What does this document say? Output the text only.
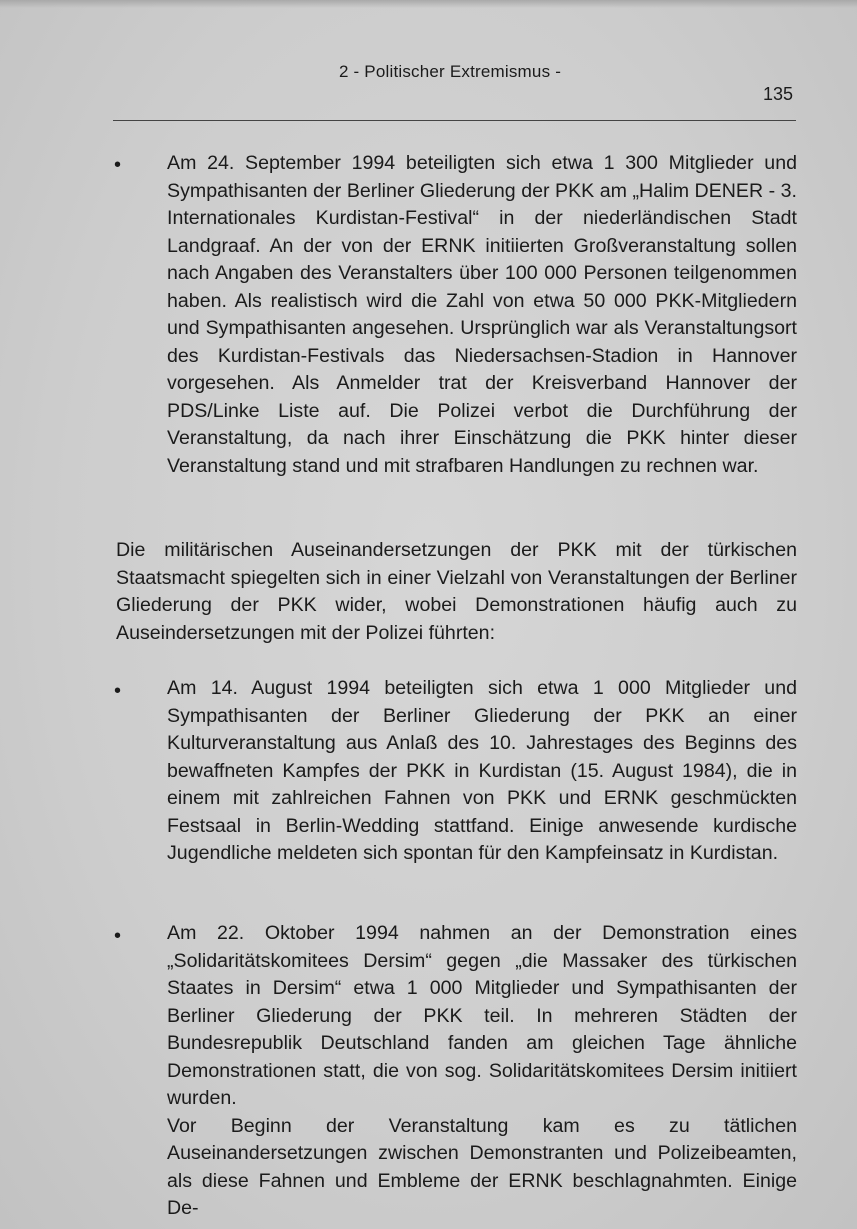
2 - Politischer Extremismus -
135
• Am 24. September 1994 beteiligten sich etwa 1 300 Mitglieder und Sympathisanten der Berliner Gliederung der PKK am „Halim DENER - 3. Internationales Kurdistan-Festival“ in der niederländischen Stadt Landgraaf. An der von der ERNK initiierten Großveranstaltung sollen nach Angaben des Veranstalters über 100 000 Personen teilgenommen haben. Als realistisch wird die Zahl von etwa 50 000 PKK-Mitgliedern und Sympathisanten angesehen. Ursprünglich war als Veranstaltungsort des Kurdistan-Festivals das Niedersachsen-Stadion in Hannover vorgesehen. Als Anmelder trat der Kreisverband Hannover der PDS/Linke Liste auf. Die Polizei verbot die Durchführung der Veranstaltung, da nach ihrer Einschätzung die PKK hinter dieser Veranstaltung stand und mit strafbaren Handlungen zu rechnen war.

Die militärischen Auseinandersetzungen der PKK mit der türkischen Staatsmacht spiegelten sich in einer Vielzahl von Veranstaltungen der Berliner Gliederung der PKK wider, wobei Demonstrationen häufig auch zu Auseindersetzungen mit der Polizei führten:

• Am 14. August 1994 beteiligten sich etwa 1 000 Mitglieder und Sympathisanten der Berliner Gliederung der PKK an einer Kulturveranstaltung aus Anlaß des 10. Jahrestages des Beginns des bewaffneten Kampfes der PKK in Kurdistan (15. August 1984), die in einem mit zahlreichen Fahnen von PKK und ERNK geschmückten Festsaal in Berlin-Wedding stattfand. Einige anwesende kurdische Jugendliche meldeten sich spontan für den Kampfeinsatz in Kurdistan.

• Am 22. Oktober 1994 nahmen an der Demonstration eines „Solidaritätskomitees Dersim“ gegen „die Massaker des türkischen Staates in Dersim“ etwa 1 000 Mitglieder und Sympathisanten der Berliner Gliederung der PKK teil. In mehreren Städten der Bundesrepublik Deutschland fanden am gleichen Tage ähnliche Demonstrationen statt, die von sog. Solidaritätskomitees Dersim initiiert wurden.

Vor Beginn der Veranstaltung kam es zu tätlichen Auseinandersetzungen zwischen Demonstranten und Polizeibeamten, als diese Fahnen und Embleme der ERNK beschlagnahmten. Einige De-
